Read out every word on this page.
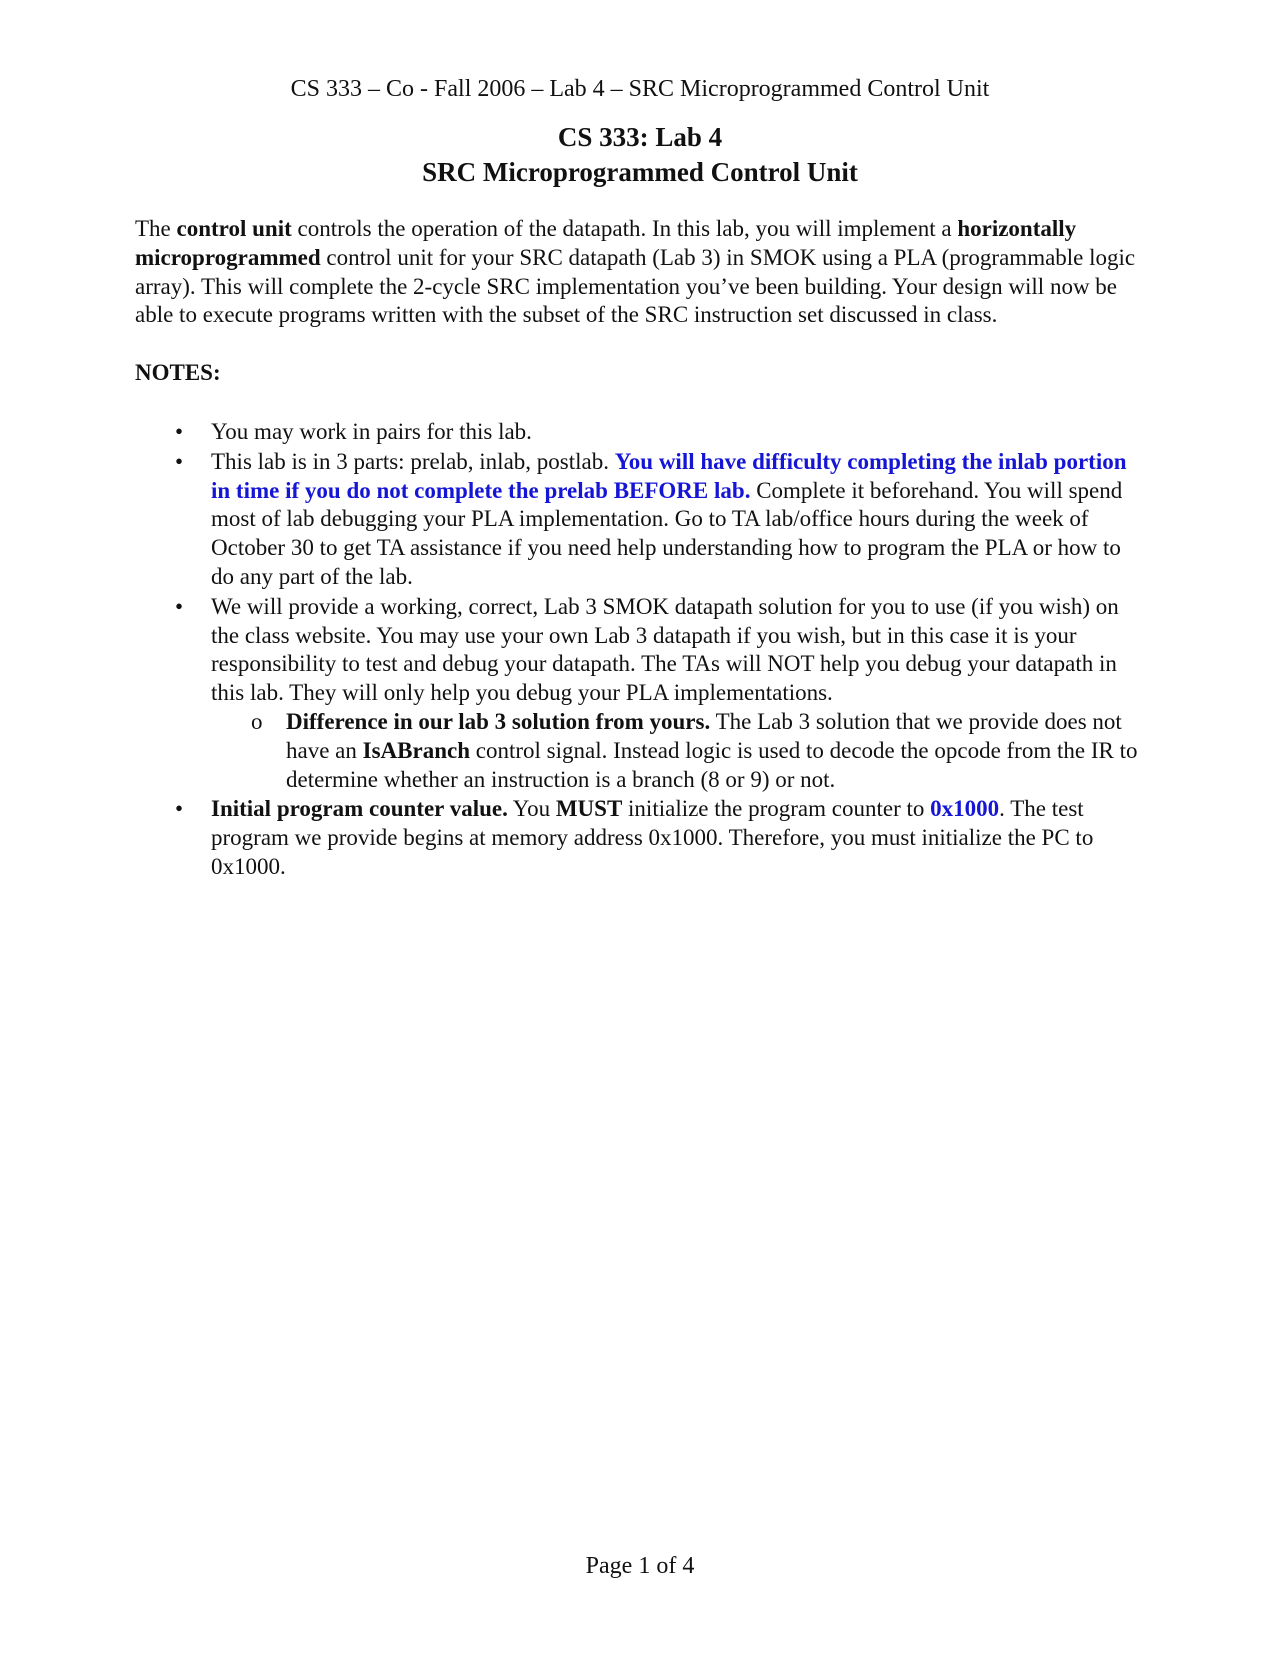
CS 333 – Co - Fall 2006 – Lab 4 – SRC Microprogrammed Control Unit
CS 333: Lab 4
SRC Microprogrammed Control Unit

The control unit controls the operation of the datapath. In this lab, you will implement a horizontally microprogrammed control unit for your SRC datapath (Lab 3) in SMOK using a PLA (programmable logic array). This will complete the 2-cycle SRC implementation you’ve been building. Your design will now be able to execute programs written with the subset of the SRC instruction set discussed in class.

NOTES:

• You may work in pairs for this lab.
• This lab is in 3 parts: prelab, inlab, postlab. You will have difficulty completing the inlab portion in time if you do not complete the prelab BEFORE lab. Complete it beforehand. You will spend most of lab debugging your PLA implementation. Go to TA lab/office hours during the week of October 30 to get TA assistance if you need help understanding how to program the PLA or how to do any part of the lab.
• We will provide a working, correct, Lab 3 SMOK datapath solution for you to use (if you wish) on the class website. You may use your own Lab 3 datapath if you wish, but in this case it is your responsibility to test and debug your datapath. The TAs will NOT help you debug your datapath in this lab. They will only help you debug your PLA implementations.
o Difference in our lab 3 solution from yours. The Lab 3 solution that we provide does not have an IsABranch control signal. Instead logic is used to decode the opcode from the IR to determine whether an instruction is a branch (8 or 9) or not.
• Initial program counter value. You MUST initialize the program counter to 0x1000. The test program we provide begins at memory address 0x1000. Therefore, you must initialize the PC to 0x1000.
Page 1 of 4
